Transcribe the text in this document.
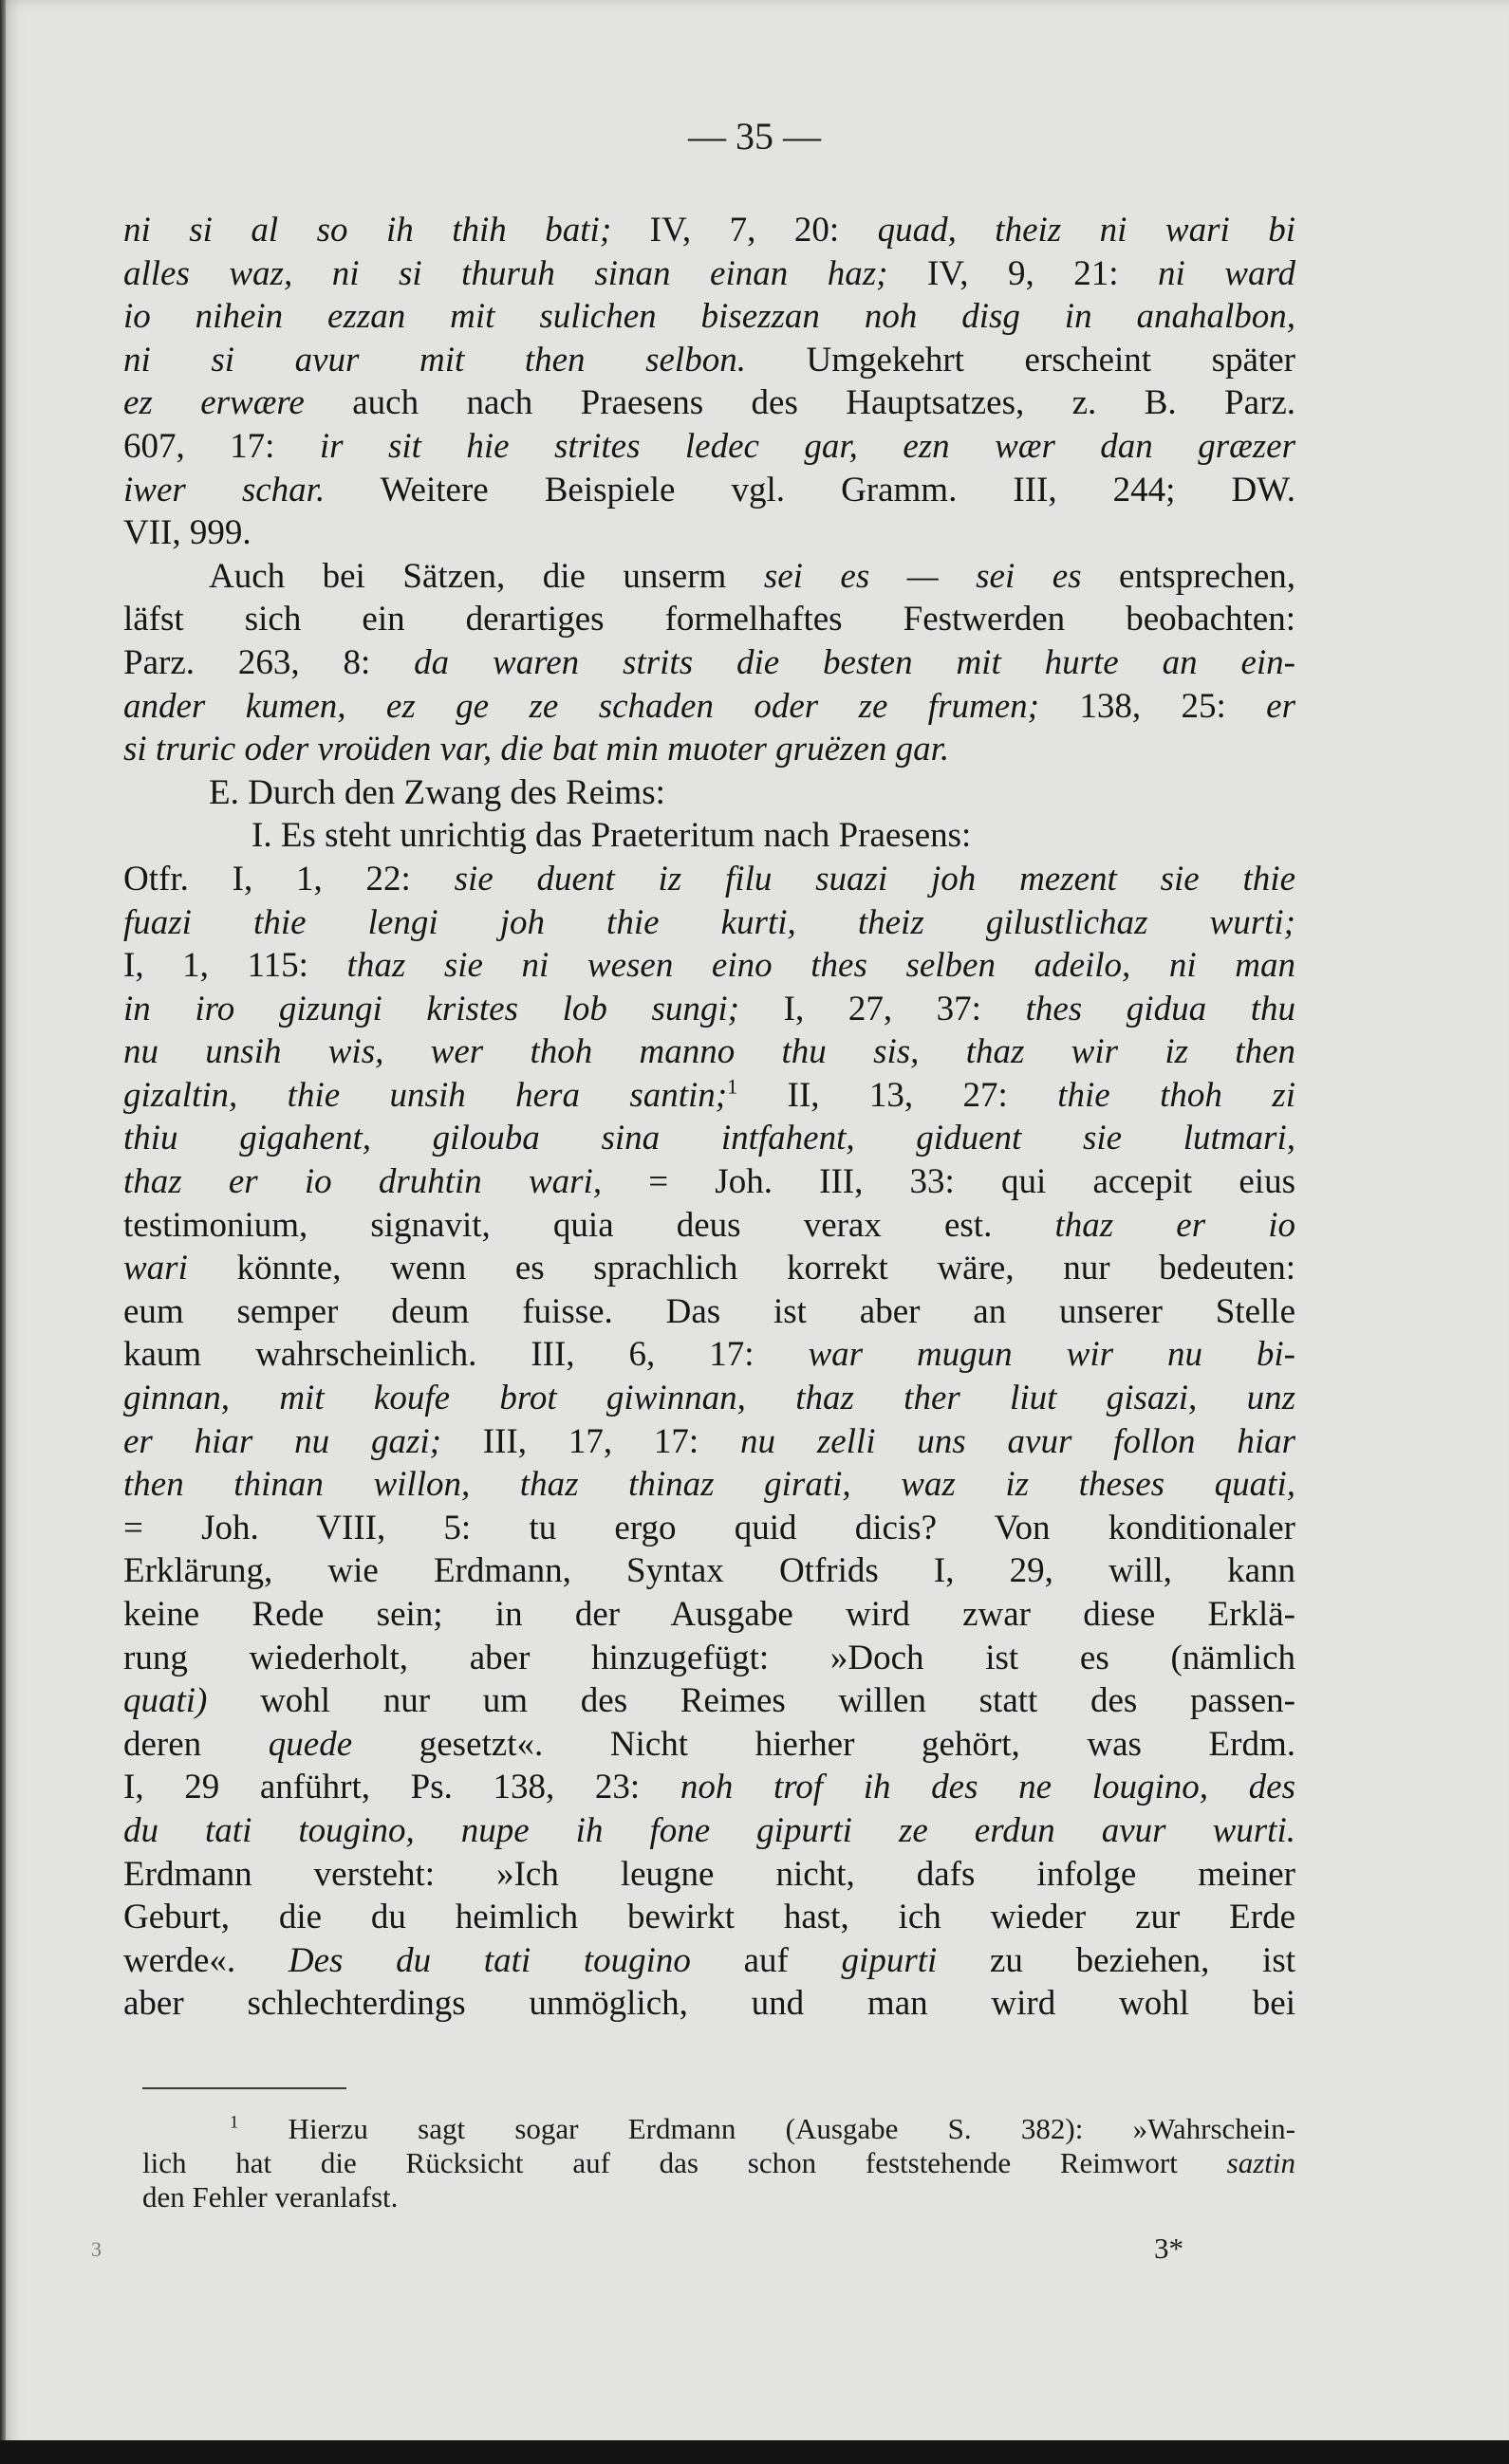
— 35 —
ni si al so ih thih bati; IV, 7, 20: quad, theiz ni wari bi
alles waz, ni si thuruh sinan einan haz; IV, 9, 21: ni ward
io nihein ezzan mit sulichen bisezzan noh disg in anahalbon,
ni si avur mit then selbon. Umgekehrt erscheint später
ez erwære auch nach Praesens des Hauptsatzes, z. B. Parz.
607, 17: ir sit hie strites ledec gar, ezn wær dan græzer
iwer schar. Weitere Beispiele vgl. Gramm. III, 244; DW.
VII, 999.
Auch bei Sätzen, die unserm sei es — sei es entsprechen,
läfst sich ein derartiges formelhaftes Festwerden beobachten:
Parz. 263, 8: da waren strits die besten mit hurte an ein-
ander kumen, ez ge ze schaden oder ze frumen; 138, 25: er
si truric oder vroüden var, die bat min muoter gruëzen gar.
E. Durch den Zwang des Reims:
I. Es steht unrichtig das Praeteritum nach Praesens:
Otfr. I, 1, 22: sie duent iz filu suazi joh mezent sie thie
fuazi thie lengi joh thie kurti, theiz gilustlichaz wurti;
I, 1, 115: thaz sie ni wesen eino thes selben adeilo, ni man
in iro gizungi kristes lob sungi; I, 27, 37: thes gidua thu
nu unsih wis, wer thoh manno thu sis, thaz wir iz then
gizaltin, thie unsih hera santin;$^1$ II, 13, 27: thie thoh zi
thiu gigahent, gilouba sina intfahent, giduent sie lutmari,
thaz er io druhtin wari, = Joh. III, 33: qui accepit eius
testimonium, signavit, quia deus verax est. thaz er io
wari könnte, wenn es sprachlich korrekt wäre, nur bedeuten:
eum semper deum fuisse. Das ist aber an unserer Stelle
kaum wahrscheinlich. III, 6, 17: war mugun wir nu bi-
ginnan, mit koufe brot giwinnan, thaz ther liut gisazi, unz
er hiar nu gazi; III, 17, 17: nu zelli uns avur follon hiar
then thinan willon, thaz thinaz girati, waz iz theses quati,
= Joh. VIII, 5: tu ergo quid dicis? Von konditionaler
Erklärung, wie Erdmann, Syntax Otfrids I, 29, will, kann
keine Rede sein; in der Ausgabe wird zwar diese Erklä-
rung wiederholt, aber hinzugefügt: »Doch ist es (nämlich
quati) wohl nur um des Reimes willen statt des passen-
deren quede gesetzt«. Nicht hierher gehört, was Erdm.
I, 29 anführt, Ps. 138, 23: noh trof ih des ne lougino, des
du tati tougino, nupe ih fone gipurti ze erdun avur wurti.
Erdmann versteht: »Ich leugne nicht, dafs infolge meiner
Geburt, die du heimlich bewirkt hast, ich wieder zur Erde
werde«. Des du tati tougino auf gipurti zu beziehen, ist
aber schlechterdings unmöglich, und man wird wohl bei
$^1$ Hierzu sagt sogar Erdmann (Ausgabe S. 382): »Wahrschein-
lich hat die Rücksicht auf das schon feststehende Reimwort saztin
den Fehler veranlafst.
3	3*
